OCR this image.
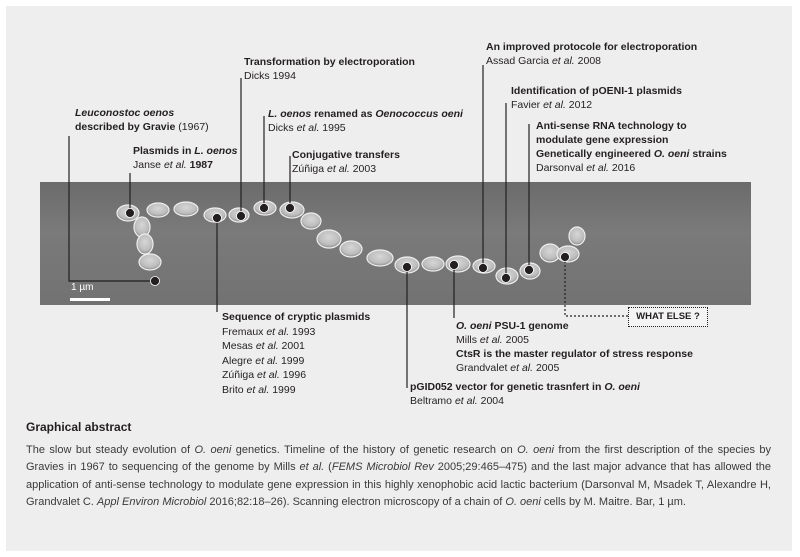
1 µm
Leuconostoc oenos
described by Gravie (1967)
Plasmids in L. oenos
Janse et al. 1987
Transformation by electroporation
Dicks 1994
L. oenos renamed as Oenococcus oeni
Dicks et al. 1995
Conjugative transfers
Zúñiga et al. 2003
An improved protocole for electroporation
Assad Garcia et al. 2008
Identification of pOENI-1 plasmids
Favier et al. 2012
Anti-sense RNA technology to
modulate gene expression
Genetically engineered O. oeni strains
Darsonval et al. 2016
Sequence of cryptic plasmids
Fremaux et al. 1993
Mesas et al. 2001
Alegre et al. 1999
Zúñiga et al. 1996
Brito et al. 1999
O. oeni PSU-1 genome
Mills et al. 2005
CtsR is the master regulator of stress response
Grandvalet et al. 2005
pGID052 vector for genetic trasnfert in O. oeni
Beltramo et al. 2004
WHAT ELSE ?
Graphical abstract
The slow but steady evolution of O. oeni genetics. Timeline of the history of genetic research on O. oeni from the first description of the species by Gravies in 1967 to sequencing of the genome by Mills et al. (FEMS Microbiol Rev 2005;29:465–475) and the last major advance that has allowed the application of anti-sense technology to modulate gene expression in this highly xenophobic acid lactic bacterium (Darsonval M, Msadek T, Alexandre H, Grandvalet C. Appl Environ Microbiol 2016;82:18–26). Scanning electron microscopy of a chain of O. oeni cells by M. Maitre. Bar, 1 µm.
